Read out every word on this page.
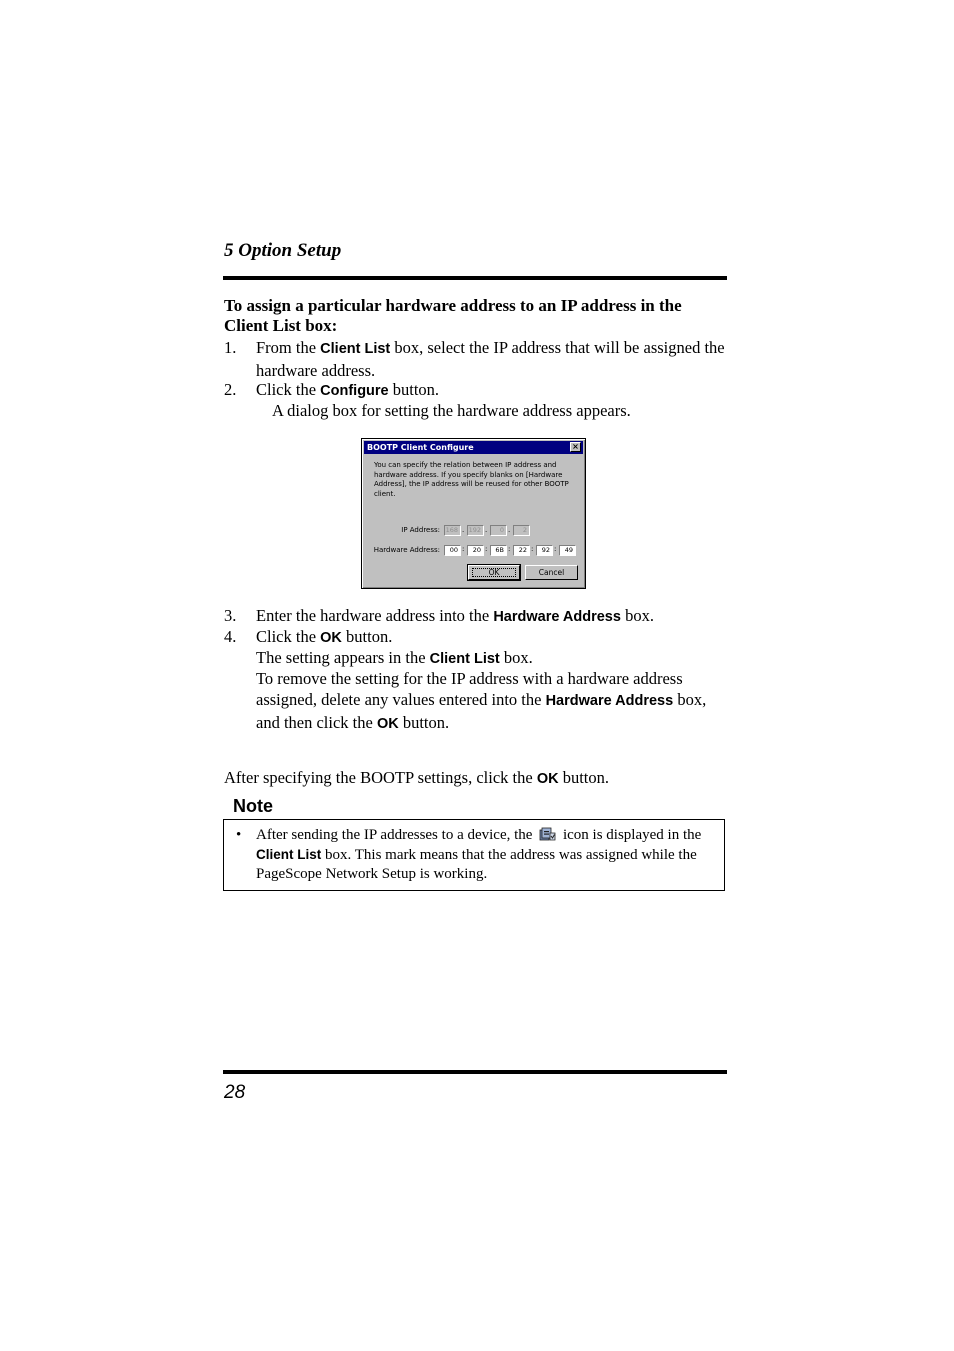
5 Option Setup
To assign a particular hardware address to an IP address in the Client List box:
1. From the Client List box, select the IP address that will be assigned the hardware address.
2. Click the Configure button.
A dialog box for setting the hardware address appears.
BOOTP Client Configure	×
You can specify the relation between IP address and hardware address. If you specify blanks on [Hardware Address], the IP address will be reused for other BOOTP client.
IP Address: 168 . 192 .	0 .	2
Hardware Address:	00 :	20 :	6B :	22 :	92 :	49
OK	Cancel
3. Enter the hardware address into the Hardware Address box.
4. Click the OK button.
The setting appears in the Client List box.
To remove the setting for the IP address with a hardware address assigned, delete any values entered into the Hardware Address box, and then click the OK button.
After specifying the BOOTP settings, click the OK button.
Note
• After sending the IP addresses to a device, the  icon is displayed in the Client List box. This mark means that the address was assigned while the PageScope Network Setup is working.
28
